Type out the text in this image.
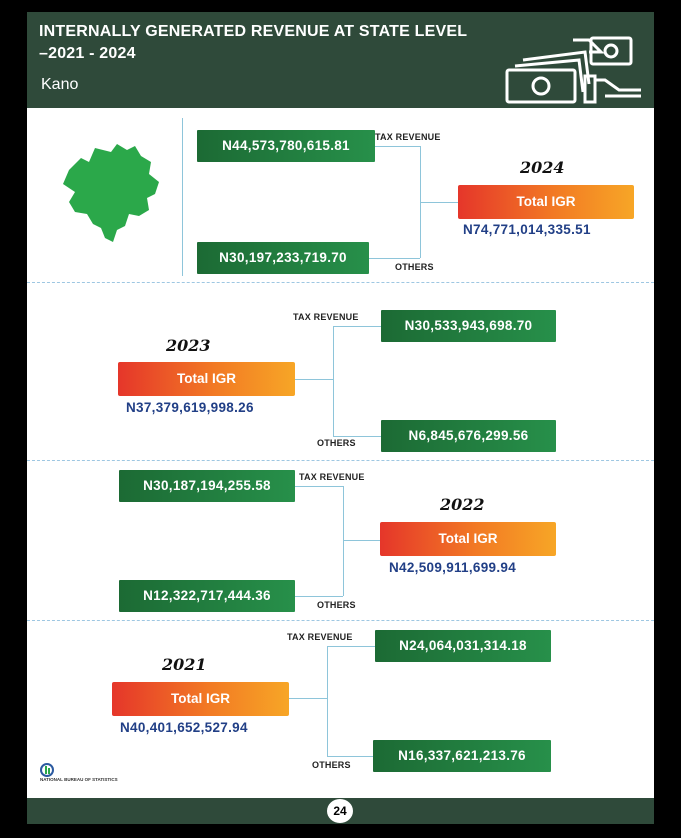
INTERNALLY GENERATED REVENUE AT STATE LEVEL
–2021 - 2024
Kano
N44,573,780,615.81
TAX REVENUE
N30,197,233,719.70
OTHERS
2024
Total IGR
N74,771,014,335.51
TAX REVENUE
N30,533,943,698.70
OTHERS	N6,845,676,299.56
2023
Total IGR
N37,379,619,998.26
N30,187,194,255.58
TAX REVENUE
N12,322,717,444.36
OTHERS
2022
Total IGR
N42,509,911,699.94
TAX REVENUE
N24,064,031,314.18
OTHERS
N16,337,621,213.76
2021
Total IGR
N40,401,652,527.94
NATIONAL BUREAU OF STATISTICS
24
